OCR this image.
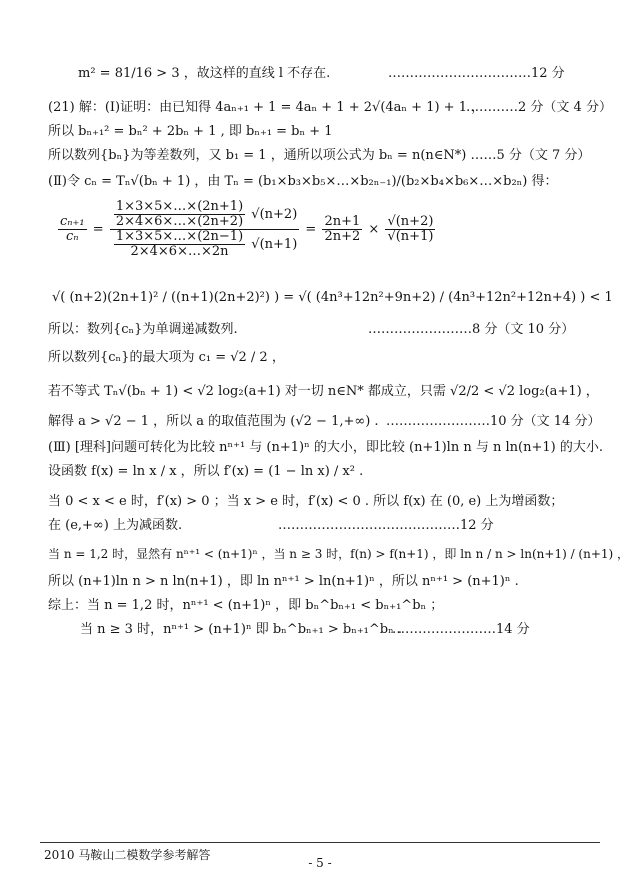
m² = 81/16 > 3 ，故这样的直线 l 不存在.	……………………………12 分
(21) 解：(Ⅰ)证明：由已知得 4aₙ₊₁ + 1 = 4aₙ + 1 + 2√(4aₙ + 1) + 1 ，
…………2 分（文 4 分）
所以 bₙ₊₁² = bₙ² + 2bₙ + 1 , 即 bₙ₊₁ = bₙ + 1
所以数列{bₙ}为等差数列，又 b₁ = 1 ，通所以项公式为 bₙ = n(n∈N*) ……5 分（文 7 分）
(Ⅱ)令 cₙ = Tₙ√(bₙ + 1) ，由 Tₙ = (b₁×b₃×b₅×…×b₂ₙ₋₁)/(b₂×b₄×b₆×…×b₂ₙ) 得：
$\frac{\text{cₙ₊₁}}{\text{cₙ}}$ =
$\frac{1\times 3\times 5\times\dots\times(2n+1)}{2\times 4\times 6\times\dots\times(2n+2)} √(n+2)$
$\frac{1\times 3\times 5\times\dots\times(2n-1)}{2\times 4\times 6\times\dots\times 2n} √(n+1)$
= $\frac{2n+1}{2n+2} \times \frac{√(n+2)}{√(n+1)}$
√( (n+2)(2n+1)² / ((n+1)(2n+2)²) ) = √( (4n³+12n²+9n+2) / (4n³+12n²+12n+4) ) < 1
所以：数列{cₙ}为单调递减数列.	……………………8 分（文 10 分）
所以数列{cₙ}的最大项为 c₁ = √2 / 2 ，
若不等式 Tₙ√(bₙ + 1) < √2 log₂(a+1) 对一切 n∈N* 都成立，只需 √2/2 < √2 log₂(a+1) ，
解得 a > √2 − 1 ，所以 a 的取值范围为 (√2 − 1,+∞) . ……………………10 分（文 14 分）
(Ⅲ) [理科]问题可转化为比较 nⁿ⁺¹ 与 (n+1)ⁿ 的大小，即比较 (n+1)ln n 与 n ln(n+1) 的大小.
设函数 f(x) = ln x / x ，所以 f′(x) = (1 − ln x) / x² .
当 0 < x < e 时，f′(x) > 0 ；当 x > e 时，f′(x) < 0 . 所以 f(x) 在 (0, e) 上为增函数；
在 (e,+∞) 上为减函数.	……………………………………12 分
当 n = 1,2 时，显然有 nⁿ⁺¹ < (n+1)ⁿ ，当 n ≥ 3 时，f(n) > f(n+1) ，即 ln n / n > ln(n+1) / (n+1) ，
所以 (n+1)ln n > n ln(n+1) ，即 ln nⁿ⁺¹ > ln(n+1)ⁿ ，所以 nⁿ⁺¹ > (n+1)ⁿ .
综上：当 n = 1,2 时，nⁿ⁺¹ < (n+1)ⁿ ，即 bₙ^bₙ₊₁ < bₙ₊₁^bₙ ；
当 n ≥ 3 时，nⁿ⁺¹ > (n+1)ⁿ 即 bₙ^bₙ₊₁ > bₙ₊₁^bₙ .
……………………14 分
2010 马鞍山二模数学参考解答
- 5 -
